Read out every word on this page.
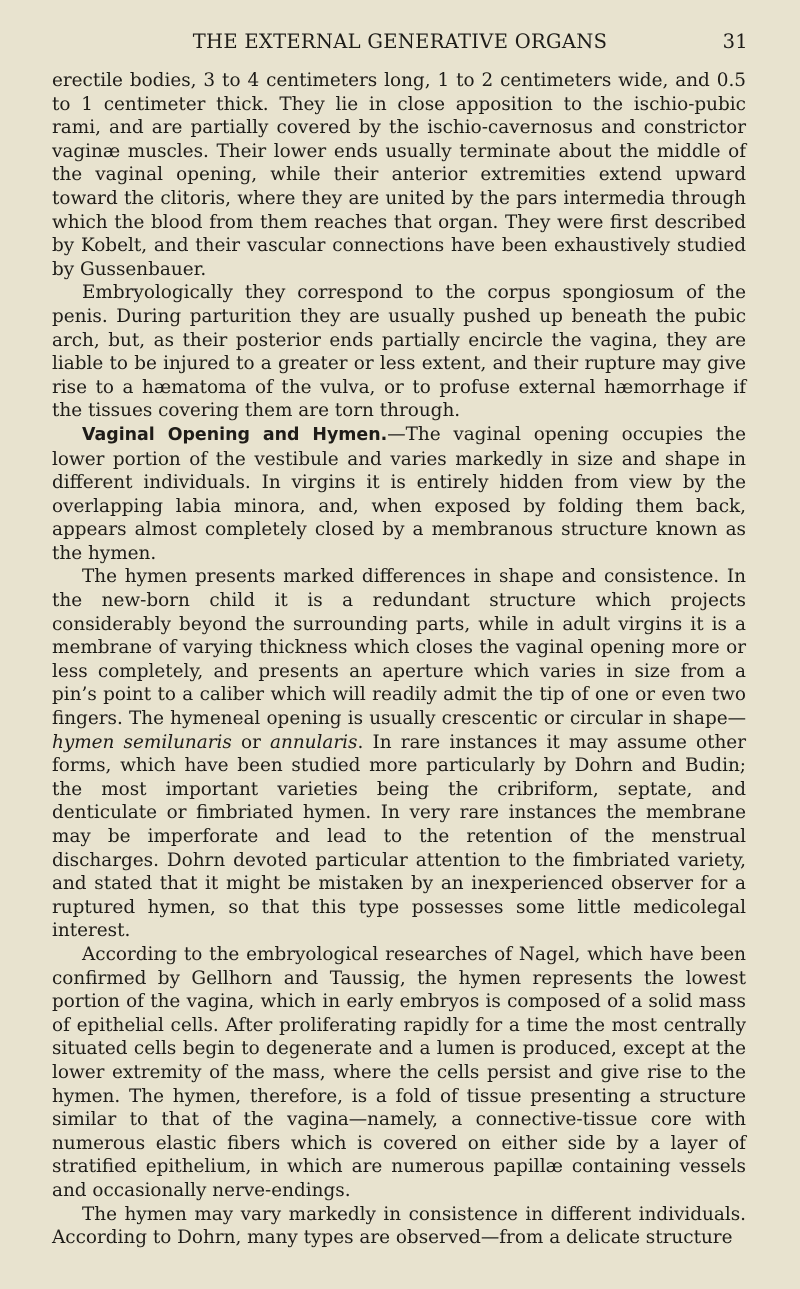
THE EXTERNAL GENERATIVE ORGANS	31

erectile bodies, 3 to 4 centimeters long, 1 to 2 centimeters wide, and 0.5 to 1 centimeter thick. They lie in close apposition to the ischio-pubic rami, and are partially covered by the ischio-cavernosus and constrictor vaginæ muscles. Their lower ends usually terminate about the middle of the vaginal opening, while their anterior extremities extend upward toward the clitoris, where they are united by the pars intermedia through which the blood from them reaches that organ. They were first described by Kobelt, and their vascular connections have been exhaustively studied by Gussenbauer.

Embryologically they correspond to the corpus spongiosum of the penis. During parturition they are usually pushed up beneath the pubic arch, but, as their posterior ends partially encircle the vagina, they are liable to be injured to a greater or less extent, and their rupture may give rise to a hæmatoma of the vulva, or to profuse external hæmorrhage if the tissues covering them are torn through.

Vaginal Opening and Hymen.—The vaginal opening occupies the lower portion of the vestibule and varies markedly in size and shape in different individuals. In virgins it is entirely hidden from view by the overlapping labia minora, and, when exposed by folding them back, appears almost completely closed by a membranous structure known as the hymen.

The hymen presents marked differences in shape and consistence. In the new-born child it is a redundant structure which projects considerably beyond the surrounding parts, while in adult virgins it is a membrane of varying thickness which closes the vaginal opening more or less completely, and presents an aperture which varies in size from a pin’s point to a caliber which will readily admit the tip of one or even two fingers. The hymeneal opening is usually crescentic or circular in shape—hymen semilunaris or annularis. In rare instances it may assume other forms, which have been studied more particularly by Dohrn and Budin; the most important varieties being the cribriform, septate, and denticulate or fimbriated hymen. In very rare instances the membrane may be imperforate and lead to the retention of the menstrual discharges. Dohrn devoted particular attention to the fimbriated variety, and stated that it might be mistaken by an inexperienced observer for a ruptured hymen, so that this type possesses some little medicolegal interest.

According to the embryological researches of Nagel, which have been confirmed by Gellhorn and Taussig, the hymen represents the lowest portion of the vagina, which in early embryos is composed of a solid mass of epithelial cells. After proliferating rapidly for a time the most centrally situated cells begin to degenerate and a lumen is produced, except at the lower extremity of the mass, where the cells persist and give rise to the hymen. The hymen, therefore, is a fold of tissue presenting a structure similar to that of the vagina—namely, a connective-tissue core with numerous elastic fibers which is covered on either side by a layer of stratified epithelium, in which are numerous papillæ containing vessels and occasionally nerve-endings.

The hymen may vary markedly in consistence in different individuals. According to Dohrn, many types are observed—from a delicate structure
